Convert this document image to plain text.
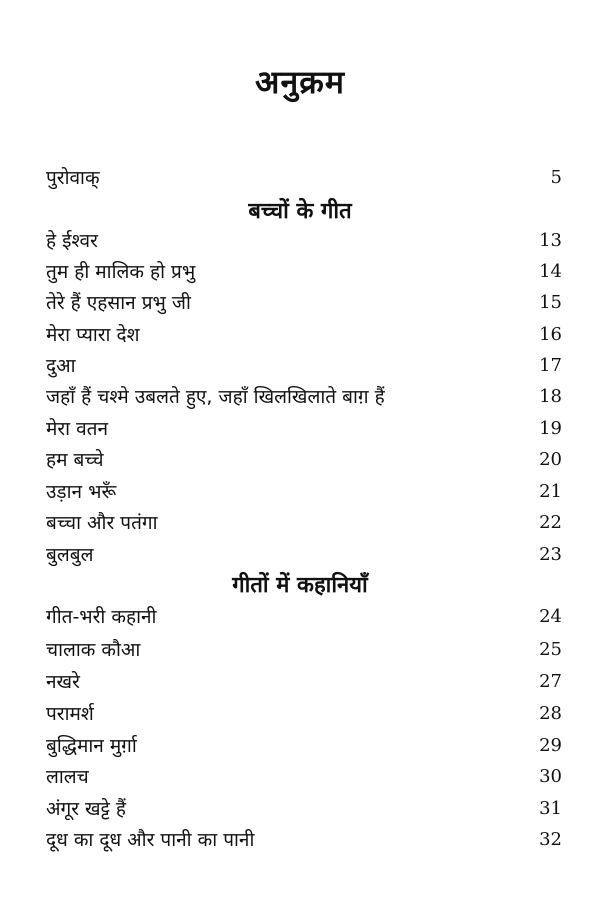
अनुक्रम
पुरोवाक्	5
बच्चों के गीत
हे ईश्वर	13
तुम ही मालिक हो प्रभु	14
तेरे हैं एहसान प्रभु जी	15
मेरा प्यारा देश	16
दुआ	17
जहाँ हैं चश्मे उबलते हुए, जहाँ खिलखिलाते बाग़ हैं	18
मेरा वतन	19
हम बच्चे	20
उड़ान भरूँ	21
बच्चा और पतंगा	22
बुलबुल	23
गीतों में कहानियाँ
गीत-भरी कहानी	24
चालाक कौआ	25
नखरे	27
परामर्श	28
बुद्धिमान मुर्ग़ा	29
लालच	30
अंगूर खट्टे हैं	31
दूध का दूध और पानी का पानी	32
